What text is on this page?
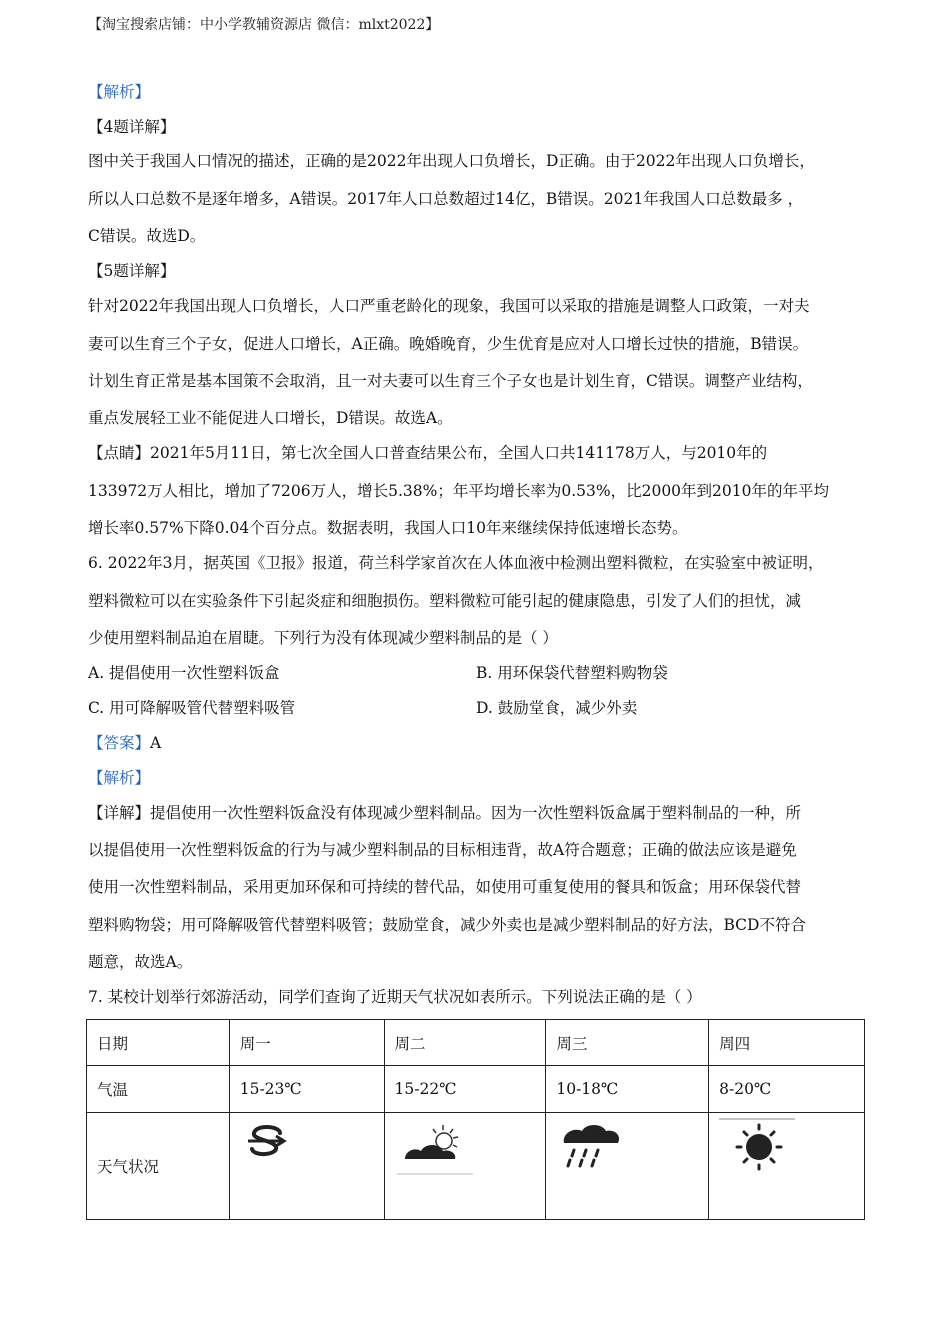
【淘宝搜索店铺：中小学教辅资源店 微信：mlxt2022】
【解析】
【4题详解】
图中关于我国人口情况的描述，正确的是2022年出现人口负增长，D正确。由于2022年出现人口负增长，
所以人口总数不是逐年增多，A错误。2017年人口总数超过14亿，B错误。2021年我国人口总数最多 ，
C错误。故选D。
【5题详解】
针对2022年我国出现人口负增长，人口严重老龄化的现象，我国可以采取的措施是调整人口政策，一对夫
妻可以生育三个子女，促进人口增长，A正确。晚婚晚育，少生优育是应对人口增长过快的措施，B错误。
计划生育正常是基本国策不会取消，且一对夫妻可以生育三个子女也是计划生育，C错误。调整产业结构，
重点发展轻工业不能促进人口增长，D错误。故选A。
【点睛】2021年5月11日，第七次全国人口普查结果公布，全国人口共141178万人，与2010年的
133972万人相比，增加了7206万人，增长5.38%；年平均增长率为0.53%，比2000年到2010年的年平均
增长率0.57%下降0.04个百分点。数据表明，我国人口10年来继续保持低速增长态势。
6. 2022年3月，据英国《卫报》报道，荷兰科学家首次在人体血液中检测出塑料微粒，在实验室中被证明，
塑料微粒可以在实验条件下引起炎症和细胞损伤。塑料微粒可能引起的健康隐患，引发了人们的担忧，减
少使用塑料制品迫在眉睫。下列行为没有体现减少塑料制品的是（ ）
A. 提倡使用一次性塑料饭盒	B. 用环保袋代替塑料购物袋
C. 用可降解吸管代替塑料吸管	D. 鼓励堂食，减少外卖
【答案】A
【解析】
【详解】提倡使用一次性塑料饭盒没有体现减少塑料制品。因为一次性塑料饭盒属于塑料制品的一种，所
以提倡使用一次性塑料饭盒的行为与减少塑料制品的目标相违背，故A符合题意；正确的做法应该是避免
使用一次性塑料制品，采用更加环保和可持续的替代品，如使用可重复使用的餐具和饭盒；用环保袋代替
塑料购物袋；用可降解吸管代替塑料吸管；鼓励堂食，减少外卖也是减少塑料制品的好方法，BCD不符合
题意，故选A。
7. 某校计划举行郊游活动，同学们查询了近期天气状况如表所示。下列说法正确的是（ ）
日期	周一	周二	周三	周四
气温	15-23℃	15-22℃	10-18℃	8-20℃
天气状况	
